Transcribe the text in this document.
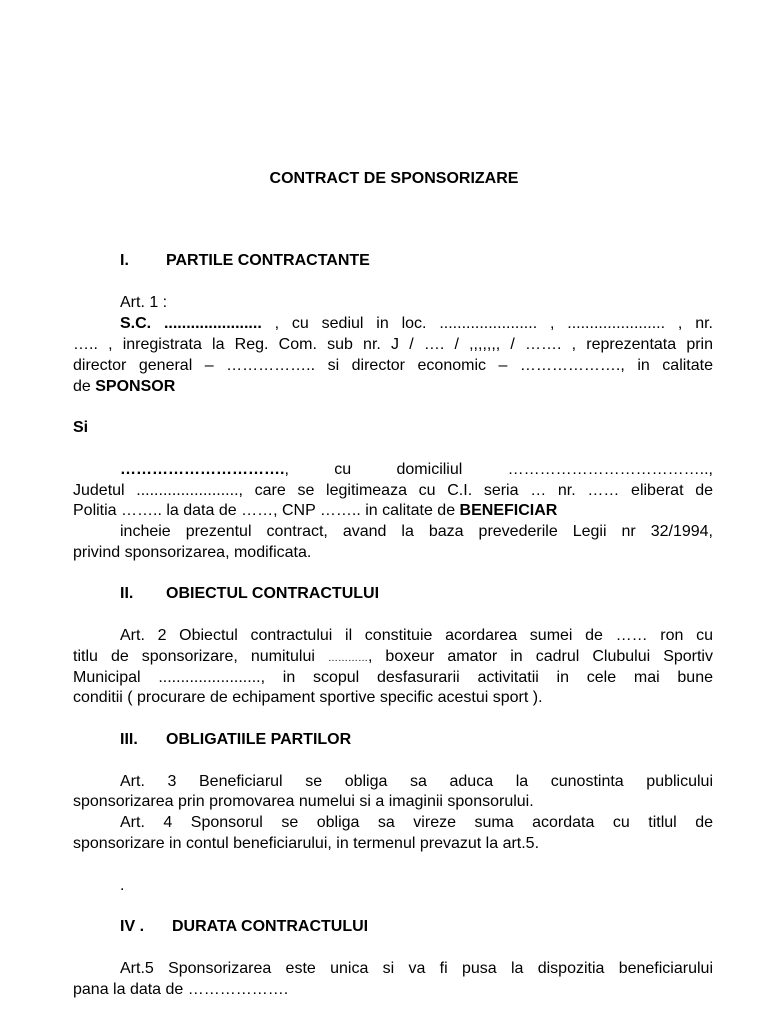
CONTRACT DE SPONSORIZARE
I. PARTILE CONTRACTANTE
Art. 1 :
S.C. ...................... , cu sediul in loc. ...................... , ...................... , nr.
….. , inregistrata la Reg. Com. sub nr. J / …. / ,,,,,,, / ……. , reprezentata prin
director general – …………….. si director economic – ………………., in calitate
de SPONSOR
Si
…………………………., cu domiciliul ………………………………..,
Judetul ......................., care se legitimeaza cu C.I. seria … nr. …… eliberat de
Politia …….. la data de ……, CNP …….. in calitate de BENEFICIAR
incheie prezentul contract, avand la baza prevederile Legii nr 32/1994,
privind sponsorizarea, modificata.
II. OBIECTUL CONTRACTULUI
Art. 2 Obiectul contractului il constituie acordarea sumei de …… ron cu
titlu de sponsorizare, numitului …………, boxeur amator in cadrul Clubului Sportiv
Municipal ......................., in scopul desfasurarii activitatii in cele mai bune
conditii ( procurare de echipament sportive specific acestui sport ).
III. OBLIGATIILE PARTILOR
Art. 3 Beneficiarul se obliga sa aduca la cunostinta publicului
sponsorizarea prin promovarea numelui si a imaginii sponsorului.
Art. 4 Sponsorul se obliga sa vireze suma acordata cu titlul de
sponsorizare in contul beneficiarului, in termenul prevazut la art.5.
.
IV . DURATA CONTRACTULUI
Art.5 Sponsorizarea este unica si va fi pusa la dispozitia beneficiarului
pana la data de ……………….
